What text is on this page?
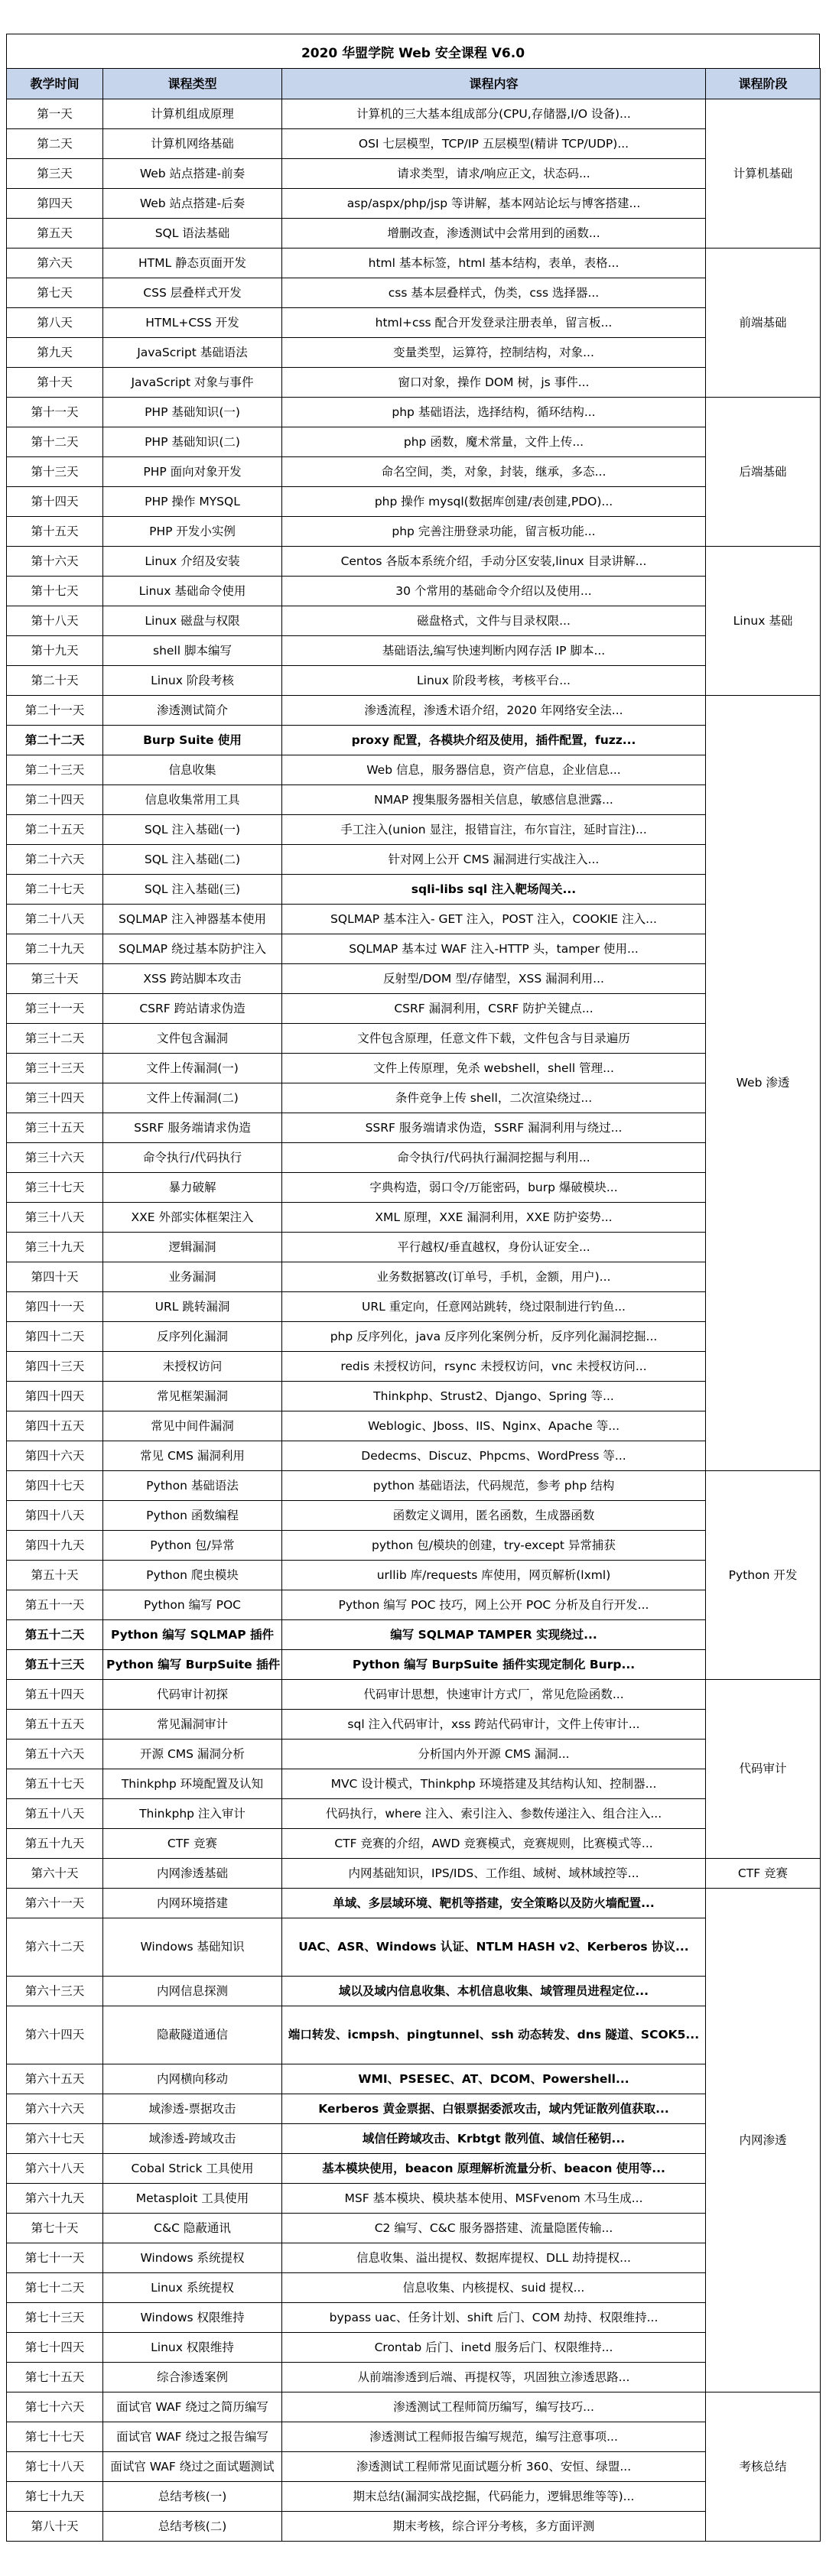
2020 华盟学院 Web 安全课程 V6.0
教学时间	课程类型	课程内容	课程阶段
第一天	计算机组成原理	计算机的三大基本组成部分(CPU,存储器,I/O 设备)...	计算机基础
第二天	计算机网络基础	OSI 七层模型，TCP/IP 五层模型(精讲 TCP/UDP)...	
第三天	Web 站点搭建-前奏	请求类型，请求/响应正文，状态码...	
第四天	Web 站点搭建-后奏	asp/aspx/php/jsp 等讲解，基本网站论坛与博客搭建...	
第五天	SQL 语法基础	增删改查，渗透测试中会常用到的函数...	
第六天	HTML 静态页面开发	html 基本标签，html 基本结构，表单，表格...	前端基础
第七天	CSS 层叠样式开发	css 基本层叠样式，伪类，css 选择器...	
第八天	HTML+CSS 开发	html+css 配合开发登录注册表单，留言板...	
第九天	JavaScript 基础语法	变量类型，运算符，控制结构，对象...	
第十天	JavaScript 对象与事件	窗口对象，操作 DOM 树，js 事件...	
第十一天	PHP 基础知识(一)	php 基础语法，选择结构，循环结构...	后端基础
第十二天	PHP 基础知识(二)	php 函数，魔术常量，文件上传...	
第十三天	PHP 面向对象开发	命名空间，类，对象，封装，继承，多态...	
第十四天	PHP 操作 MYSQL	php 操作 mysql(数据库创建/表创建,PDO)...	
第十五天	PHP 开发小实例	php 完善注册登录功能，留言板功能...	
第十六天	Linux 介绍及安装	Centos 各版本系统介绍，手动分区安装,linux 目录讲解...	Linux 基础
第十七天	Linux 基础命令使用	30 个常用的基础命令介绍以及使用...	
第十八天	Linux 磁盘与权限	磁盘格式，文件与目录权限...	
第十九天	shell 脚本编写	基础语法,编写快速判断内网存活 IP 脚本...	
第二十天	Linux 阶段考核	Linux 阶段考核，考核平台...	
第二十一天	渗透测试简介	渗透流程，渗透术语介绍，2020 年网络安全法...	Web 渗透
第二十二天	Burp Suite 使用	proxy 配置，各模块介绍及使用，插件配置，fuzz...	
第二十三天	信息收集	Web 信息，服务器信息，资产信息，企业信息...	
第二十四天	信息收集常用工具	NMAP 搜集服务器相关信息，敏感信息泄露...	
第二十五天	SQL 注入基础(一)	手工注入(union 显注，报错盲注，布尔盲注，延时盲注)...	
第二十六天	SQL 注入基础(二)	针对网上公开 CMS 漏洞进行实战注入...	
第二十七天	SQL 注入基础(三)	sqli-libs sql 注入靶场闯关...	
第二十八天	SQLMAP 注入神器基本使用	SQLMAP 基本注入- GET 注入，POST 注入，COOKIE 注入...	
第二十九天	SQLMAP 绕过基本防护注入	SQLMAP 基本过 WAF 注入-HTTP 头，tamper 使用...	
第三十天	XSS 跨站脚本攻击	反射型/DOM 型/存储型，XSS 漏洞利用...	
第三十一天	CSRF 跨站请求伪造	CSRF 漏洞利用，CSRF 防护关键点...	
第三十二天	文件包含漏洞	文件包含原理，任意文件下载，文件包含与目录遍历	
第三十三天	文件上传漏洞(一)	文件上传原理，免杀 webshell，shell 管理...	
第三十四天	文件上传漏洞(二)	条件竞争上传 shell，二次渲染绕过...	
第三十五天	SSRF 服务端请求伪造	SSRF 服务端请求伪造，SSRF 漏洞利用与绕过...	
第三十六天	命令执行/代码执行	命令执行/代码执行漏洞挖掘与利用...	
第三十七天	暴力破解	字典构造，弱口令/万能密码，burp 爆破模块...	
第三十八天	XXE 外部实体框架注入	XML 原理，XXE 漏洞利用，XXE 防护姿势...	
第三十九天	逻辑漏洞	平行越权/垂直越权，身份认证安全...	
第四十天	业务漏洞	业务数据篡改(订单号，手机，金额，用户)...	
第四十一天	URL 跳转漏洞	URL 重定向，任意网站跳转，绕过限制进行钓鱼...	
第四十二天	反序列化漏洞	php 反序列化，java 反序列化案例分析，反序列化漏洞挖掘...	
第四十三天	未授权访问	redis 未授权访问，rsync 未授权访问，vnc 未授权访问...	
第四十四天	常见框架漏洞	Thinkphp、Strust2、Django、Spring 等...	
第四十五天	常见中间件漏洞	Weblogic、Jboss、IIS、Nginx、Apache 等...	
第四十六天	常见 CMS 漏洞利用	Dedecms、Discuz、Phpcms、WordPress 等...	
第四十七天	Python 基础语法	python 基础语法，代码规范，参考 php 结构	Python 开发
第四十八天	Python 函数编程	函数定义调用，匿名函数，生成器函数	
第四十九天	Python 包/异常	python 包/模块的创建，try-except 异常捕获	
第五十天	Python 爬虫模块	urllib 库/requests 库使用，网页解析(lxml)	
第五十一天	Python 编写 POC	Python 编写 POC 技巧，网上公开 POC 分析及自行开发...	
第五十二天	Python 编写 SQLMAP 插件	编写 SQLMAP TAMPER 实现绕过...	
第五十三天	Python 编写 BurpSuite 插件	Python 编写 BurpSuite 插件实现定制化 Burp...	
第五十四天	代码审计初探	代码审计思想，快速审计方式厂，常见危险函数...	代码审计
第五十五天	常见漏洞审计	sql 注入代码审计，xss 跨站代码审计，文件上传审计...	
第五十六天	开源 CMS 漏洞分析	分析国内外开源 CMS 漏洞...	
第五十七天	Thinkphp 环境配置及认知	MVC 设计模式，Thinkphp 环境搭建及其结构认知、控制器...	
第五十八天	Thinkphp 注入审计	代码执行，where 注入、索引注入、参数传递注入、组合注入...	
第五十九天	CTF 竞赛	CTF 竞赛的介绍，AWD 竞赛模式，竞赛规则，比赛模式等...	
第六十天	内网渗透基础	内网基础知识，IPS/IDS、工作组、域树、域林域控等...	CTF 竞赛
第六十一天	内网环境搭建	单域、多层域环境、靶机等搭建，安全策略以及防火墙配置...	内网渗透
第六十二天	Windows 基础知识	UAC、ASR、Windows 认证、NTLM HASH v2、Kerberos 协议...	
第六十三天	内网信息探测	域以及域内信息收集、本机信息收集、域管理员进程定位...	
第六十四天	隐蔽隧道通信	端口转发、icmpsh、pingtunnel、ssh 动态转发、dns 隧道、SCOK5...	
第六十五天	内网横向移动	WMI、PSESEC、AT、DCOM、Powershell...	
第六十六天	域渗透-票据攻击	Kerberos 黄金票据、白银票据委派攻击，域内凭证散列值获取...	
第六十七天	域渗透-跨域攻击	域信任跨域攻击、Krbtgt 散列值、域信任秘钥...	
第六十八天	Cobal Strick 工具使用	基本模块使用，beacon 原理解析流量分析、beacon 使用等...	
第六十九天	Metasploit 工具使用	MSF 基本模块、模块基本使用、MSFvenom 木马生成...	
第七十天	C&C 隐蔽通讯	C2 编写、C&C 服务器搭建、流量隐匿传输...	
第七十一天	Windows 系统提权	信息收集、溢出提权、数据库提权、DLL 劫持提权...	
第七十二天	Linux 系统提权	信息收集、内核提权、suid 提权...	
第七十三天	Windows 权限维持	bypass uac、任务计划、shift 后门、COM 劫持、权限维持...	
第七十四天	Linux 权限维持	Crontab 后门、inetd 服务后门、权限维持...	
第七十五天	综合渗透案例	从前端渗透到后端、再提权等，巩固独立渗透思路...	
第七十六天	面试官 WAF 绕过之简历编写	渗透测试工程师简历编写，编写技巧...	考核总结
第七十七天	面试官 WAF 绕过之报告编写	渗透测试工程师报告编写规范，编写注意事项...	
第七十八天	面试官 WAF 绕过之面试题测试	渗透测试工程师常见面试题分析 360、安恒、绿盟...	
第七十九天	总结考核(一)	期末总结(漏洞实战挖掘，代码能力，逻辑思维等等)...	
第八十天	总结考核(二)	期末考核，综合评分考核，多方面评测	
